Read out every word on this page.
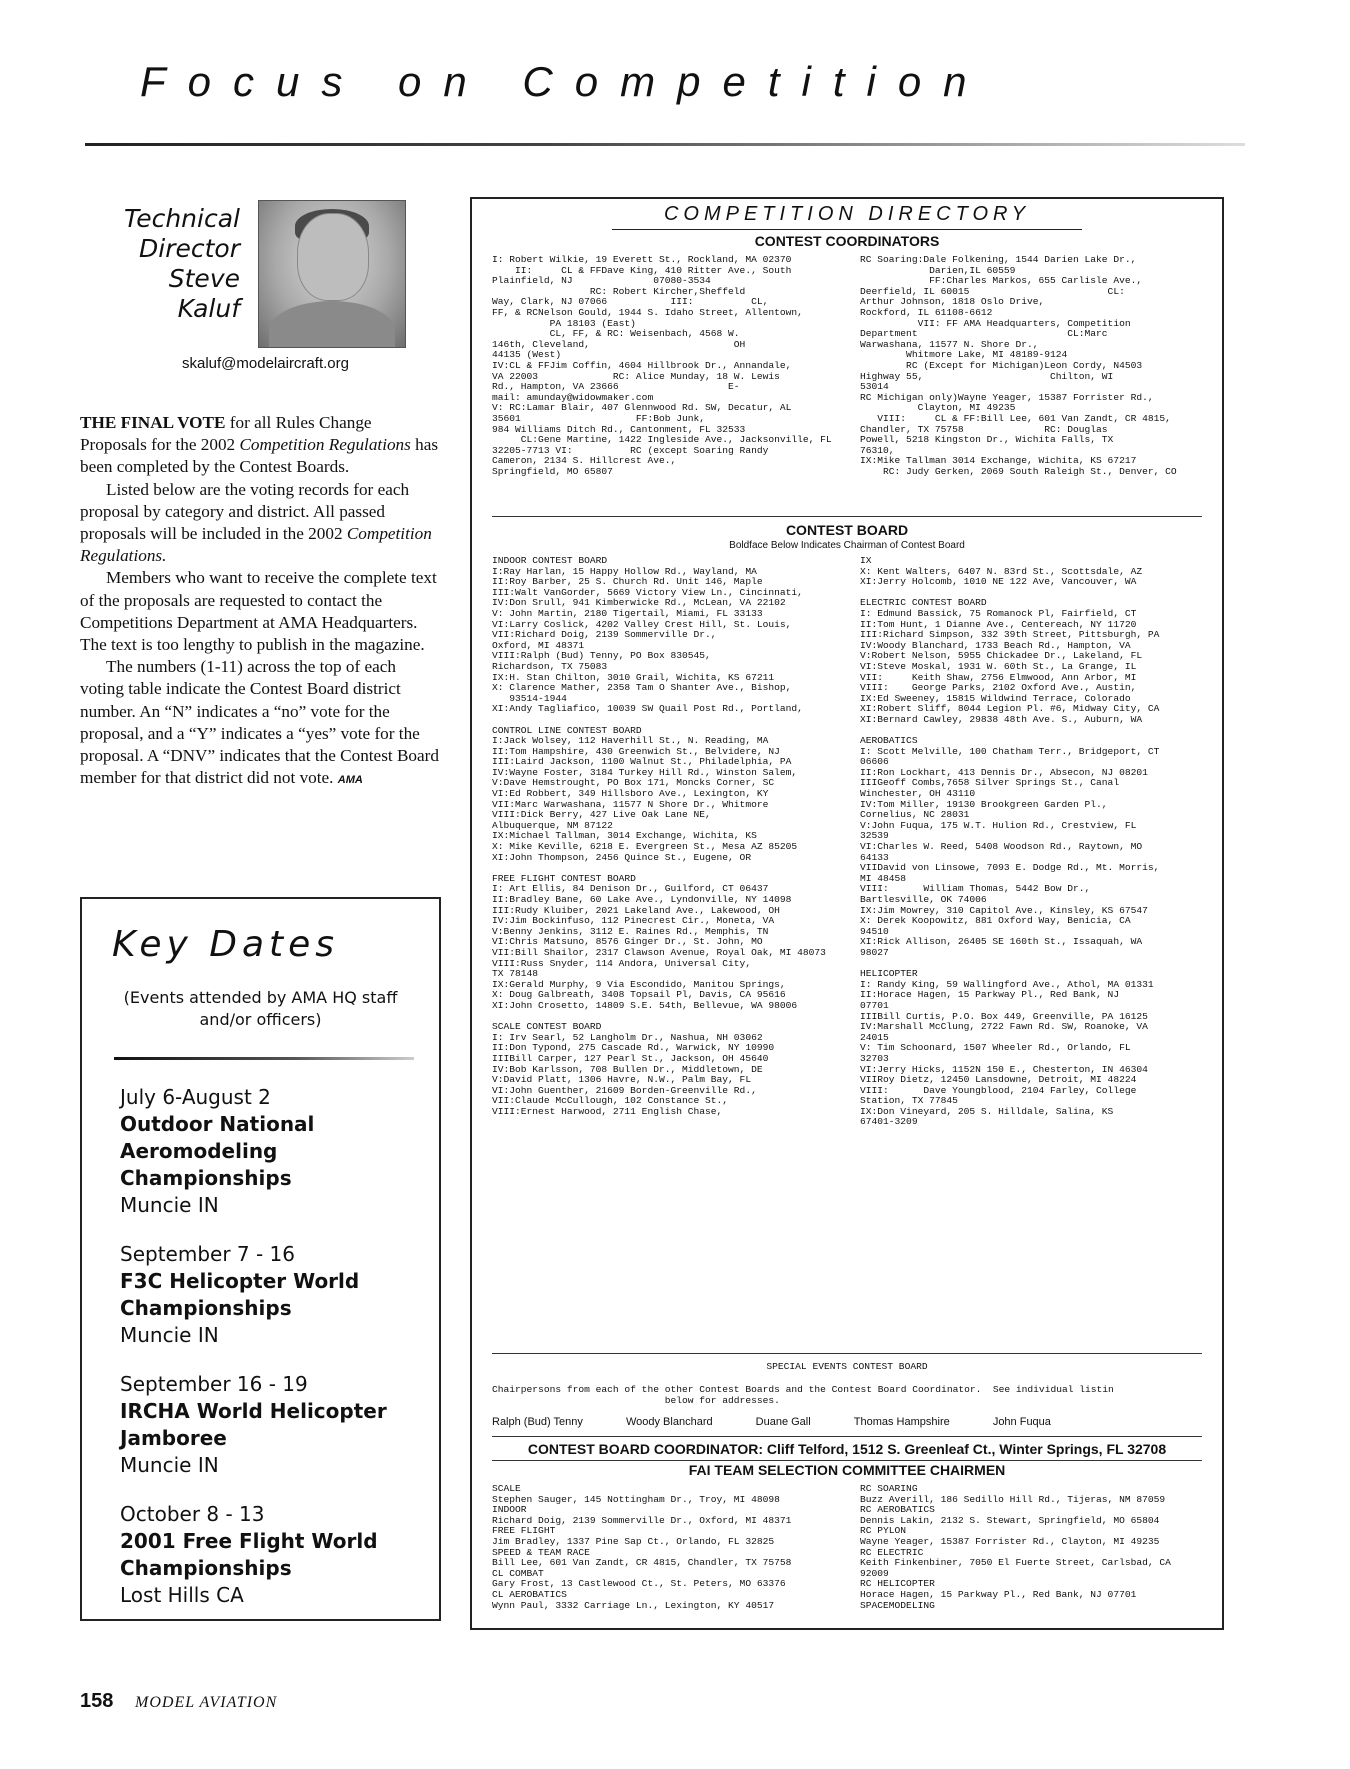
Focus on Competition
Technical
Director
Steve
Kaluf
skaluf@modelaircraft.org

THE FINAL VOTE for all Rules Change Proposals for the 2002 Competition Regulations has been completed by the Contest Boards.

Listed below are the voting records for each proposal by category and district. All passed proposals will be included in the 2002 Competition Regulations.

Members who want to receive the complete text of the proposals are requested to contact the Competitions Department at AMA Headquarters. The text is too lengthy to publish in the magazine.

The numbers (1-11) across the top of each voting table indicate the Contest Board district number. An “N” indicates a “no” vote for the proposal, and a “Y” indicates a “yes” vote for the proposal. A “DNV” indicates that the Contest Board member for that district did not vote. AMA

Key Dates
(Events attended by AMA HQ staff and/or officers)
July 6-August 2
Outdoor National Aeromodeling Championships
Muncie IN
September 7 - 16
F3C Helicopter World Championships
Muncie IN
September 16 - 19
IRCHA World Helicopter Jamboree
Muncie IN
October 8 - 13
2001 Free Flight World Championships
Lost Hills CA
COMPETITION DIRECTORY
CONTEST COORDINATORS
I: Robert Wilkie, 19 Everett St., Rockland, MA 02370
II:     CL & FFDave King, 410 Ritter Ave., South
Plainfield, NJ              07080-3534
RC: Robert Kircher,Sheffeld
Way, Clark, NJ 07066           III:          CL,
FF, & RCNelson Gould, 1944 S. Idaho Street, Allentown,
PA 18103 (East)
CL, FF, & RC: Weisenbach, 4568 W.
146th, Cleveland,                         OH
44135 (West)
IV:CL & FFJim Coffin, 4604 Hillbrook Dr., Annandale,
VA 22003             RC: Alice Munday, 18 W. Lewis
Rd., Hampton, VA 23666                   E-
mail: amunday@widowmaker.com
V: RC:Lamar Blair, 407 Glennwood Rd. SW, Decatur, AL
35601                    FF:Bob Junk,
984 Williams Ditch Rd., Cantonment, FL 32533
CL:Gene Martine, 1422 Ingleside Ave., Jacksonville, FL
32205-7713 VI:          RC (except Soaring Randy
Cameron, 2134 S. Hillcrest Ave.,
Springfield, MO 65807
RC Soaring:Dale Folkening, 1544 Darien Lake Dr.,
Darien,IL 60559
FF:Charles Markos, 655 Carlisle Ave.,
Deerfield, IL 60015                        CL:
Arthur Johnson, 1818 Oslo Drive,
Rockford, IL 61108-6612
VII: FF AMA Headquarters, Competition
Department                          CL:Marc
Warwashana, 11577 N. Shore Dr.,
Whitmore Lake, MI 48189-9124
RC (Except for Michigan)Leon Cordy, N4503
Highway 55,                      Chilton, WI
53014
RC Michigan only)Wayne Yeager, 15387 Forrister Rd.,
Clayton, MI 49235
VIII:     CL & FF:Bill Lee, 601 Van Zandt, CR 4815,
Chandler, TX 75758              RC: Douglas
Powell, 5218 Kingston Dr., Wichita Falls, TX
76310,
IX:Mike Tallman 3014 Exchange, Wichita, KS 67217
RC: Judy Gerken, 2069 South Raleigh St., Denver, CO
CONTEST BOARD
Boldface Below Indicates Chairman of Contest Board
INDOOR CONTEST BOARD
I:Ray Harlan, 15 Happy Hollow Rd., Wayland, MA
II:Roy Barber, 25 S. Church Rd. Unit 146, Maple
III:Walt VanGorder, 5669 Victory View Ln., Cincinnati,
IV:Don Srull, 941 Kimberwicke Rd., McLean, VA 22102
V: John Martin, 2180 Tigertail, Miami, FL 33133
VI:Larry Coslick, 4202 Valley Crest Hill, St. Louis,
VII:Richard Doig, 2139 Sommerville Dr.,
Oxford, MI 48371
VIII:Ralph (Bud) Tenny, PO Box 830545,
Richardson, TX 75083
IX:H. Stan Chilton, 3010 Grail, Wichita, KS 67211
X: Clarence Mather, 2358 Tam O Shanter Ave., Bishop,
93514-1944
XI:Andy Tagliafico, 10039 SW Quail Post Rd., Portland,

CONTROL LINE CONTEST BOARD
I:Jack Wolsey, 112 Haverhill St., N. Reading, MA
II:Tom Hampshire, 430 Greenwich St., Belvidere, NJ
III:Laird Jackson, 1100 Walnut St., Philadelphia, PA
IV:Wayne Foster, 3184 Turkey Hill Rd., Winston Salem,
V:Dave Hemstrought, PO Box 171, Moncks Corner, SC
VI:Ed Robbert, 349 Hillsboro Ave., Lexington, KY
VII:Marc Warwashana, 11577 N Shore Dr., Whitmore
VIII:Dick Berry, 427 Live Oak Lane NE,
Albuquerque, NM 87122
IX:Michael Tallman, 3014 Exchange, Wichita, KS
X: Mike Keville, 6218 E. Evergreen St., Mesa AZ 85205
XI:John Thompson, 2456 Quince St., Eugene, OR

FREE FLIGHT CONTEST BOARD
I: Art Ellis, 84 Denison Dr., Guilford, CT 06437
II:Bradley Bane, 60 Lake Ave., Lyndonville, NY 14098
III:Rudy Kluiber, 2021 Lakeland Ave., Lakewood, OH
IV:Jim Bockinfuso, 112 Pinecrest Cir., Moneta, VA
V:Benny Jenkins, 3112 E. Raines Rd., Memphis, TN
VI:Chris Matsuno, 8576 Ginger Dr., St. John, MO
VII:Bill Shailor, 2317 Clawson Avenue, Royal Oak, MI 48073
VIII:Russ Snyder, 114 Andora, Universal City,
TX 78148
IX:Gerald Murphy, 9 Via Escondido, Manitou Springs,
X: Doug Galbreath, 3408 Topsail Pl, Davis, CA 95616
XI:John Crosetto, 14809 S.E. 54th, Bellevue, WA 98006

SCALE CONTEST BOARD
I: Irv Searl, 52 Langholm Dr., Nashua, NH 03062
II:Don Typond, 275 Cascade Rd., Warwick, NY 10990
IIIBill Carper, 127 Pearl St., Jackson, OH 45640
IV:Bob Karlsson, 708 Bullen Dr., Middletown, DE
V:David Platt, 1306 Havre, N.W., Palm Bay, FL
VI:John Guenther, 21609 Borden-Greenville Rd.,
VII:Claude McCullough, 102 Constance St.,
VIII:Ernest Harwood, 2711 English Chase,
IX
X: Kent Walters, 6407 N. 83rd St., Scottsdale, AZ
XI:Jerry Holcomb, 1010 NE 122 Ave, Vancouver, WA

ELECTRIC CONTEST BOARD
I: Edmund Bassick, 75 Romanock Pl, Fairfield, CT
II:Tom Hunt, 1 Dianne Ave., Centereach, NY 11720
III:Richard Simpson, 332 39th Street, Pittsburgh, PA
IV:Woody Blanchard, 1733 Beach Rd., Hampton, VA
V:Robert Nelson, 5955 Chickadee Dr., Lakeland, FL
VI:Steve Moskal, 1931 W. 60th St., La Grange, IL
VII:     Keith Shaw, 2756 Elmwood, Ann Arbor, MI
VIII:    George Parks, 2102 Oxford Ave., Austin,
IX:Ed Sweeney, 15815 Wildwind Terrace, Colorado
XI:Robert Sliff, 8044 Legion Pl. #6, Midway City, CA
XI:Bernard Cawley, 29838 48th Ave. S., Auburn, WA

AEROBATICS
I: Scott Melville, 100 Chatham Terr., Bridgeport, CT
06606
II:Ron Lockhart, 413 Dennis Dr., Absecon, NJ 08201
IIIGeoff Combs,7658 Silver Springs St., Canal
Winchester, OH 43110
IV:Tom Miller, 19130 Brookgreen Garden Pl.,
Cornelius, NC 28031
V:John Fuqua, 175 W.T. Hulion Rd., Crestview, FL
32539
VI:Charles W. Reed, 5408 Woodson Rd., Raytown, MO
64133
VIIDavid von Linsowe, 7093 E. Dodge Rd., Mt. Morris,
MI 48458
VIII:      William Thomas, 5442 Bow Dr.,
Bartlesville, OK 74006
IX:Jim Mowrey, 310 Capitol Ave., Kinsley, KS 67547
X: Derek Koopowitz, 881 Oxford Way, Benicia, CA
94510
XI:Rick Allison, 26405 SE 160th St., Issaquah, WA
98027

HELICOPTER
I: Randy King, 59 Wallingford Ave., Athol, MA 01331
II:Horace Hagen, 15 Parkway Pl., Red Bank, NJ
07701
IIIBill Curtis, P.O. Box 449, Greenville, PA 16125
IV:Marshall McClung, 2722 Fawn Rd. SW, Roanoke, VA
24015
V: Tim Schoonard, 1507 Wheeler Rd., Orlando, FL
32703
VI:Jerry Hicks, 1152N 150 E., Chesterton, IN 46304
VIIRoy Dietz, 12450 Lansdowne, Detroit, MI 48224
VIII:      Dave Youngblood, 2104 Farley, College
Station, TX 77845
IX:Don Vineyard, 205 S. Hilldale, Salina, KS
67401-3209
SPECIAL EVENTS CONTEST BOARD
Chairpersons from each of the other Contest Boards and the Contest Board Coordinator.  See individual listin
below for addresses.
Ralph (Bud) Tenny	Woody Blanchard	Duane Gall	Thomas Hampshire	John Fuqua
CONTEST BOARD COORDINATOR: Cliff Telford, 1512 S. Greenleaf Ct., Winter Springs, FL 32708
FAI TEAM SELECTION COMMITTEE CHAIRMEN
SCALE
Stephen Sauger, 145 Nottingham Dr., Troy, MI 48098
INDOOR
Richard Doig, 2139 Sommerville Dr., Oxford, MI 48371
FREE FLIGHT
Jim Bradley, 1337 Pine Sap Ct., Orlando, FL 32825
SPEED & TEAM RACE
Bill Lee, 601 Van Zandt, CR 4815, Chandler, TX 75758
CL COMBAT
Gary Frost, 13 Castlewood Ct., St. Peters, MO 63376
CL AEROBATICS
Wynn Paul, 3332 Carriage Ln., Lexington, KY 40517
RC SOARING
Buzz Averill, 186 Sedillo Hill Rd., Tijeras, NM 87059
RC AEROBATICS
Dennis Lakin, 2132 S. Stewart, Springfield, MO 65804
RC PYLON
Wayne Yeager, 15387 Forrister Rd., Clayton, MI 49235
RC ELECTRIC
Keith Finkenbiner, 7050 El Fuerte Street, Carlsbad, CA
92009
RC HELICOPTER
Horace Hagen, 15 Parkway Pl., Red Bank, NJ 07701
SPACEMODELING
158 MODEL AVIATION
